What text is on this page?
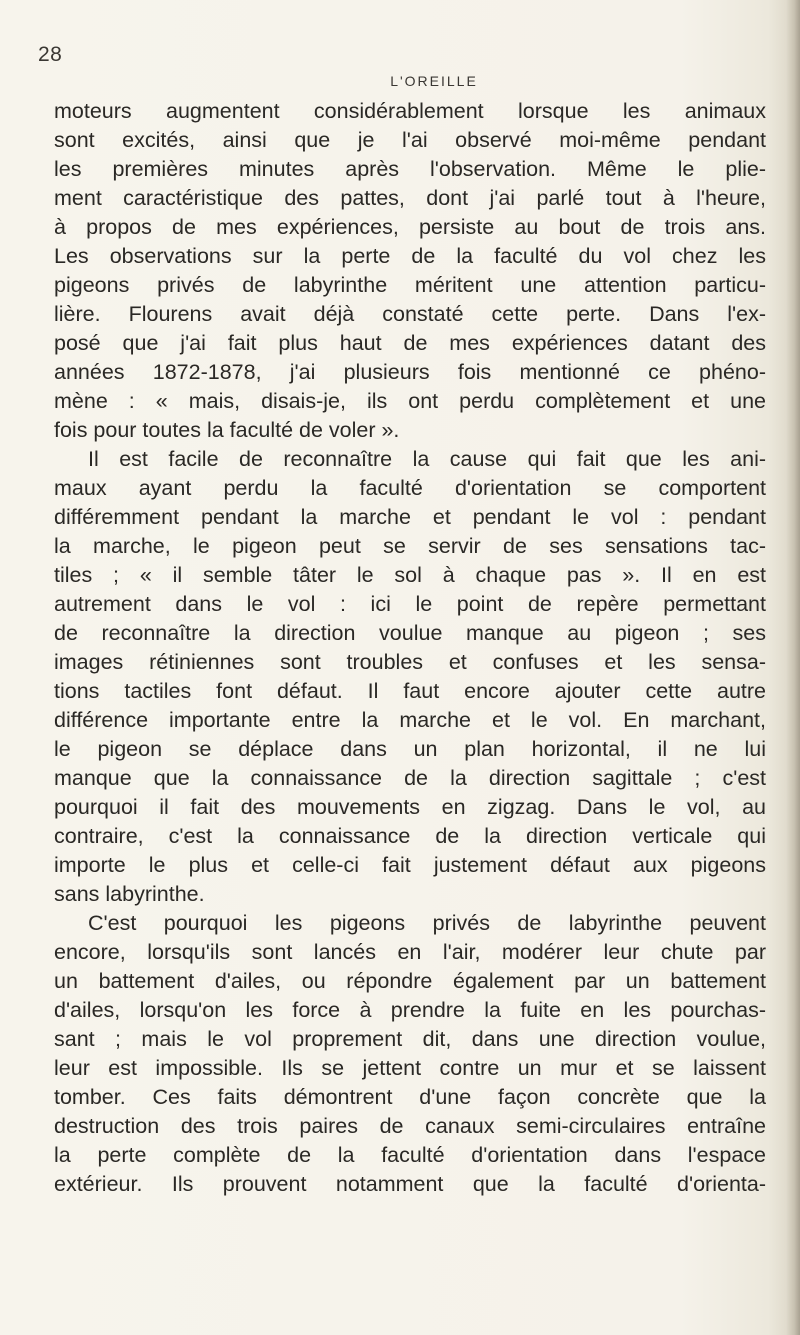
28
L'OREILLE
moteurs augmentent considérablement lorsque les animaux
sont excités, ainsi que je l'ai observé moi-même pendant
les premières minutes après l'observation. Même le plie-
ment caractéristique des pattes, dont j'ai parlé tout à l'heure,
à propos de mes expériences, persiste au bout de trois ans.
Les observations sur la perte de la faculté du vol chez les
pigeons privés de labyrinthe méritent une attention particu-
lière. Flourens avait déjà constaté cette perte. Dans l'ex-
posé que j'ai fait plus haut de mes expériences datant des
années 1872-1878, j'ai plusieurs fois mentionné ce phéno-
mène : « mais, disais-je, ils ont perdu complètement et une
fois pour toutes la faculté de voler ».
Il est facile de reconnaître la cause qui fait que les ani-
maux ayant perdu la faculté d'orientation se comportent
différemment pendant la marche et pendant le vol : pendant
la marche, le pigeon peut se servir de ses sensations tac-
tiles ; « il semble tâter le sol à chaque pas ». Il en est
autrement dans le vol : ici le point de repère permettant
de reconnaître la direction voulue manque au pigeon ; ses
images rétiniennes sont troubles et confuses et les sensa-
tions tactiles font défaut. Il faut encore ajouter cette autre
différence importante entre la marche et le vol. En marchant,
le pigeon se déplace dans un plan horizontal, il ne lui
manque que la connaissance de la direction sagittale ; c'est
pourquoi il fait des mouvements en zigzag. Dans le vol, au
contraire, c'est la connaissance de la direction verticale qui
importe le plus et celle-ci fait justement défaut aux pigeons
sans labyrinthe.
C'est pourquoi les pigeons privés de labyrinthe peuvent
encore, lorsqu'ils sont lancés en l'air, modérer leur chute par
un battement d'ailes, ou répondre également par un battement
d'ailes, lorsqu'on les force à prendre la fuite en les pourchas-
sant ; mais le vol proprement dit, dans une direction voulue,
leur est impossible. Ils se jettent contre un mur et se laissent
tomber. Ces faits démontrent d'une façon concrète que la
destruction des trois paires de canaux semi-circulaires entraîne
la perte complète de la faculté d'orientation dans l'espace
extérieur. Ils prouvent notamment que la faculté d'orienta-
